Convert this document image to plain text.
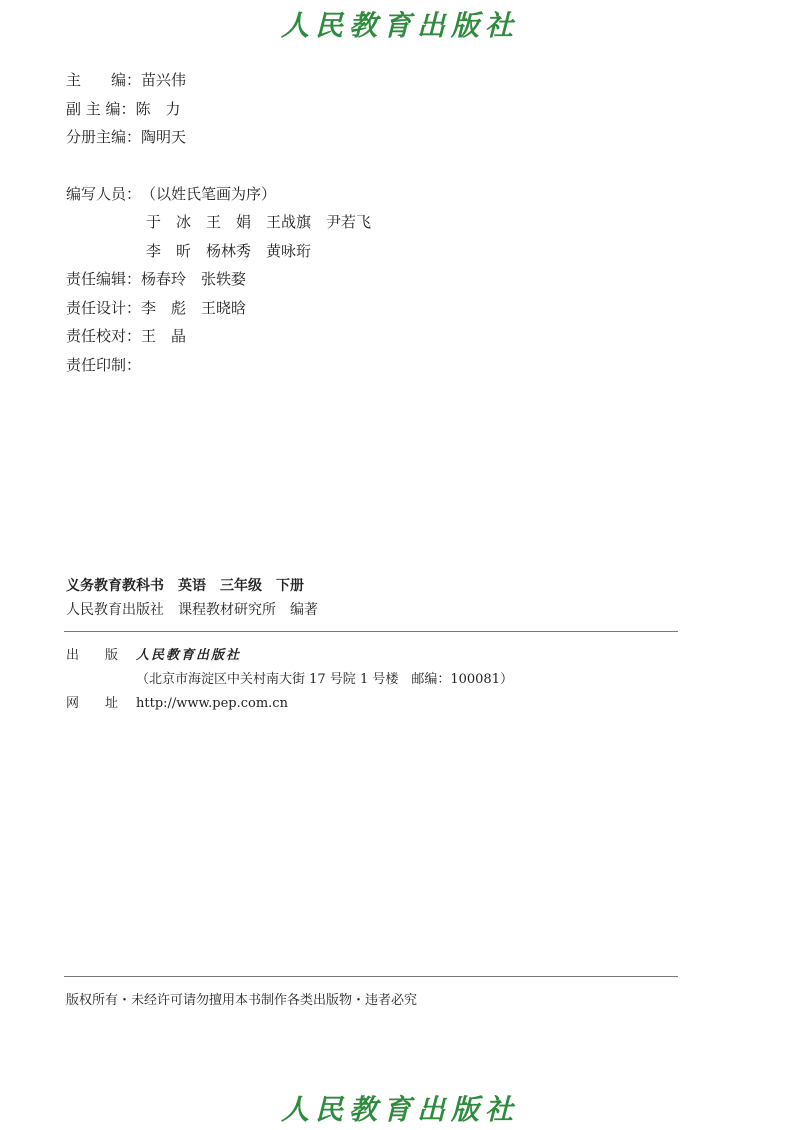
人民教育出版社
主　　编：苗兴伟
副 主 编：陈　力
分册主编：陶明天
编写人员：（以姓氏笔画为序）
于　冰　王　娟　王战旗　尹若飞
李　昕　杨林秀　黄咏珩
责任编辑：杨春玲　张轶婺
责任设计：李　彪　王晓晗
责任校对：王　晶
责任印制：
义务教育教科书　英语　三年级　下册
人民教育出版社　课程教材研究所　编著
出　　版 人民教育出版社
（北京市海淀区中关村南大街 17 号院 1 号楼　邮编：100081）
网　　址 http://www.pep.com.cn
版权所有・未经许可请勿擅用本书制作各类出版物・违者必究
人民教育出版社
